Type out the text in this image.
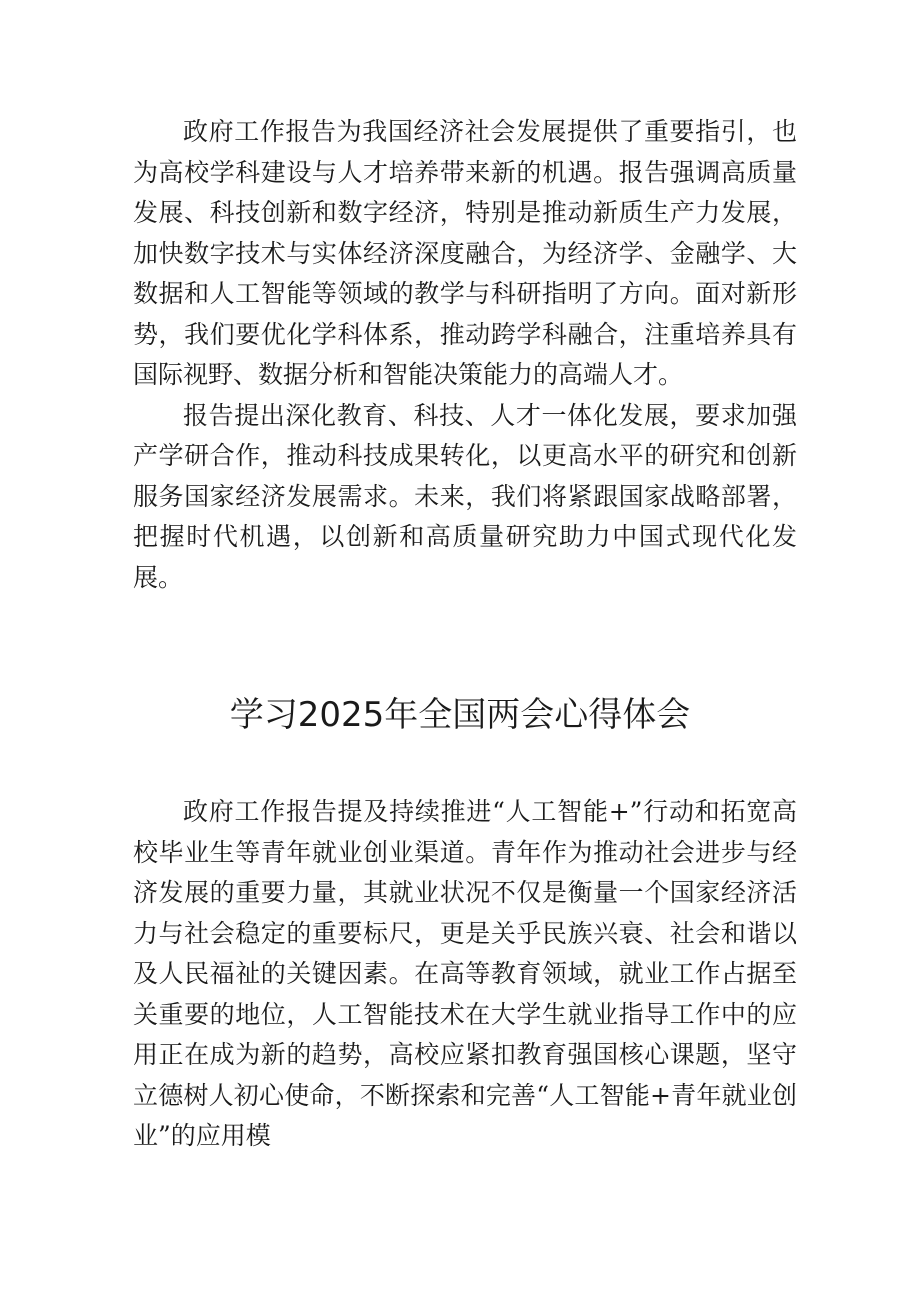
政府工作报告为我国经济社会发展提供了重要指引，也为高校学科建设与人才培养带来新的机遇。报告强调高质量发展、科技创新和数字经济，特别是推动新质生产力发展，加快数字技术与实体经济深度融合，为经济学、金融学、大数据和人工智能等领域的教学与科研指明了方向。面对新形势，我们要优化学科体系，推动跨学科融合，注重培养具有国际视野、数据分析和智能决策能力的高端人才。

报告提出深化教育、科技、人才一体化发展，要求加强产学研合作，推动科技成果转化，以更高水平的研究和创新服务国家经济发展需求。未来，我们将紧跟国家战略部署，把握时代机遇，以创新和高质量研究助力中国式现代化发展。

学习2025年全国两会心得体会

政府工作报告提及持续推进“人工智能+”行动和拓宽高校毕业生等青年就业创业渠道。青年作为推动社会进步与经济发展的重要力量，其就业状况不仅是衡量一个国家经济活力与社会稳定的重要标尺，更是关乎民族兴衰、社会和谐以及人民福祉的关键因素。在高等教育领域，就业工作占据至关重要的地位，人工智能技术在大学生就业指导工作中的应用正在成为新的趋势，高校应紧扣教育强国核心课题，坚守立德树人初心使命，不断探索和完善“人工智能+青年就业创业”的应用模
